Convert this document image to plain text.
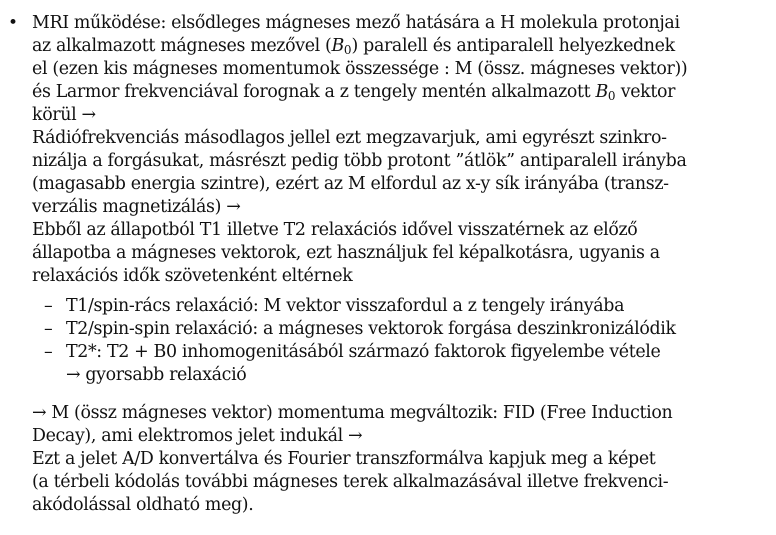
• MRI működése: elsődleges mágneses mező hatására a H molekula protonjai
az alkalmazott mágneses mezővel $(B_0)$ paralell és antiparalell helyezkednek
el (ezen kis mágneses momentumok összessége : M (össz. mágneses vektor))
és Larmor frekvenciával forognak a z tengely mentén alkalmazott $B_0$ vektor
körül →
Rádiófrekvenciás másodlagos jellel ezt megzavarjuk, ami egyrészt szinkro-
nizálja a forgásukat, másrészt pedig több protont ”átlök” antiparalell irányba
(magasabb energia szintre), ezért az M elfordul az x-y sík irányába (transz-
verzális magnetizálás) →
Ebből az állapotból T1 illetve T2 relaxációs idővel visszatérnek az előző
állapotba a mágneses vektorok, ezt használjuk fel képalkotásra, ugyanis a
relaxációs idők szövetenként eltérnek
– T1/spin-rács relaxáció: M vektor visszafordul a z tengely irányába
– T2/spin-spin relaxáció: a mágneses vektorok forgása deszinkronizálódik
– T2*: T2 + B0 inhomogenitásából származó faktorok figyelembe vétele
→ gyorsabb relaxáció
→ M (össz mágneses vektor) momentuma megváltozik: FID (Free Induction
Decay), ami elektromos jelet indukál →
Ezt a jelet A/D konvertálva és Fourier transzformálva kapjuk meg a képet
(a térbeli kódolás további mágneses terek alkalmazásával illetve frekvenci-
akódolással oldható meg).
